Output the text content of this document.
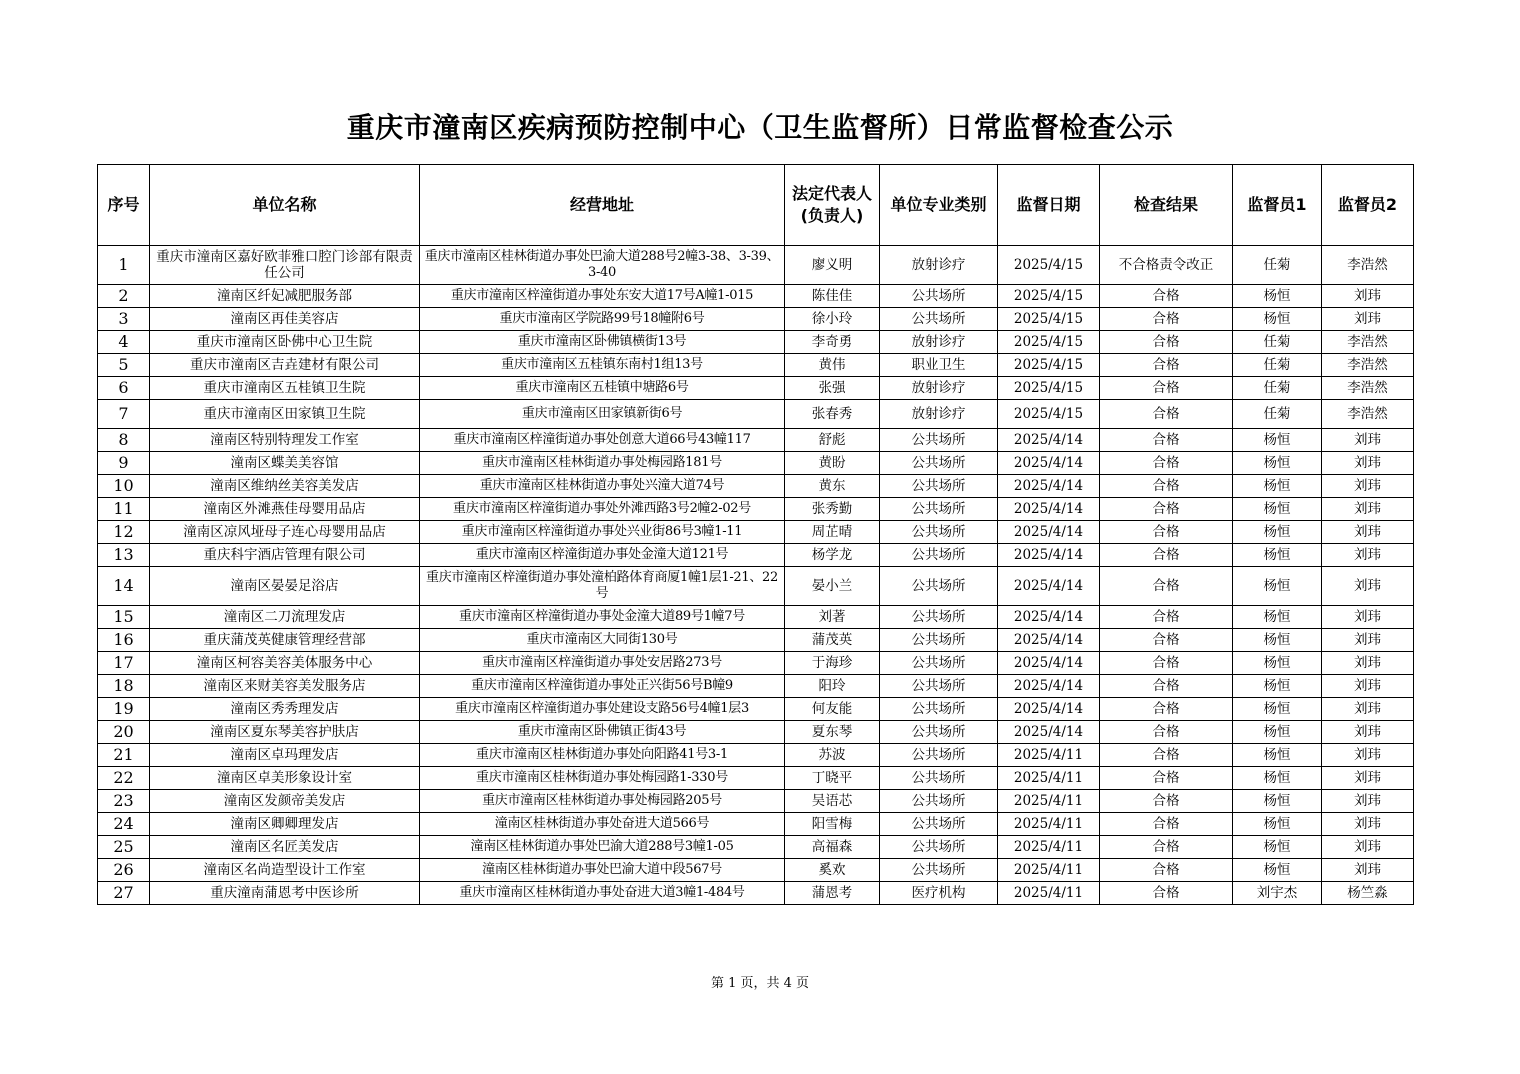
重庆市潼南区疾病预防控制中心（卫生监督所）日常监督检查公示
序号	单位名称	经营地址	法定代表人(负责人)	单位专业类别	监督日期	检查结果	监督员1	监督员2
1	重庆市潼南区嘉好欧菲雅口腔门诊部有限责任公司	重庆市潼南区桂林街道办事处巴渝大道288号2幢3-38、3-39、3-40	廖义明	放射诊疗	2025/4/15	不合格责令改正	任菊	李浩然
2	潼南区纤妃减肥服务部	重庆市潼南区梓潼街道办事处东安大道17号A幢1-015	陈佳佳	公共场所	2025/4/15	合格	杨恒	刘玮
3	潼南区再佳美容店	重庆市潼南区学院路99号18幢附6号	徐小玲	公共场所	2025/4/15	合格	杨恒	刘玮
4	重庆市潼南区卧佛中心卫生院	重庆市潼南区卧佛镇横街13号	李奇勇	放射诊疗	2025/4/15	合格	任菊	李浩然
5	重庆市潼南区吉垚建材有限公司	重庆市潼南区五桂镇东南村1组13号	黄伟	职业卫生	2025/4/15	合格	任菊	李浩然
6	重庆市潼南区五桂镇卫生院	重庆市潼南区五桂镇中塘路6号	张强	放射诊疗	2025/4/15	合格	任菊	李浩然
7	重庆市潼南区田家镇卫生院	重庆市潼南区田家镇新街6号	张春秀	放射诊疗	2025/4/15	合格	任菊	李浩然
8	潼南区特别特理发工作室	重庆市潼南区梓潼街道办事处创意大道66号43幢117	舒彪	公共场所	2025/4/14	合格	杨恒	刘玮
9	潼南区蝶美美容馆	重庆市潼南区桂林街道办事处梅园路181号	黄盼	公共场所	2025/4/14	合格	杨恒	刘玮
10	潼南区维纳丝美容美发店	重庆市潼南区桂林街道办事处兴潼大道74号	黄东	公共场所	2025/4/14	合格	杨恒	刘玮
11	潼南区外滩燕佳母婴用品店	重庆市潼南区梓潼街道办事处外滩西路3号2幢2-02号	张秀勤	公共场所	2025/4/14	合格	杨恒	刘玮
12	潼南区凉风垭母子连心母婴用品店	重庆市潼南区梓潼街道办事处兴业街86号3幢1-11	周芷晴	公共场所	2025/4/14	合格	杨恒	刘玮
13	重庆科宇酒店管理有限公司	重庆市潼南区梓潼街道办事处金潼大道121号	杨学龙	公共场所	2025/4/14	合格	杨恒	刘玮
14	潼南区晏晏足浴店	重庆市潼南区梓潼街道办事处潼柏路体育商厦1幢1层1-21、22号	晏小兰	公共场所	2025/4/14	合格	杨恒	刘玮
15	潼南区二刀流理发店	重庆市潼南区梓潼街道办事处金潼大道89号1幢7号	刘著	公共场所	2025/4/14	合格	杨恒	刘玮
16	重庆蒲茂英健康管理经营部	重庆市潼南区大同街130号	蒲茂英	公共场所	2025/4/14	合格	杨恒	刘玮
17	潼南区柯容美容美体服务中心	重庆市潼南区梓潼街道办事处安居路273号	于海珍	公共场所	2025/4/14	合格	杨恒	刘玮
18	潼南区来财美容美发服务店	重庆市潼南区梓潼街道办事处正兴街56号B幢9	阳玲	公共场所	2025/4/14	合格	杨恒	刘玮
19	潼南区秀秀理发店	重庆市潼南区梓潼街道办事处建设支路56号4幢1层3	何友能	公共场所	2025/4/14	合格	杨恒	刘玮
20	潼南区夏东琴美容护肤店	重庆市潼南区卧佛镇正街43号	夏东琴	公共场所	2025/4/14	合格	杨恒	刘玮
21	潼南区卓玛理发店	重庆市潼南区桂林街道办事处向阳路41号3-1	苏波	公共场所	2025/4/11	合格	杨恒	刘玮
22	潼南区卓美形象设计室	重庆市潼南区桂林街道办事处梅园路1-330号	丁晓平	公共场所	2025/4/11	合格	杨恒	刘玮
23	潼南区发颜帝美发店	重庆市潼南区桂林街道办事处梅园路205号	吴语芯	公共场所	2025/4/11	合格	杨恒	刘玮
24	潼南区卿卿理发店	潼南区桂林街道办事处奋进大道566号	阳雪梅	公共场所	2025/4/11	合格	杨恒	刘玮
25	潼南区名匠美发店	潼南区桂林街道办事处巴渝大道288号3幢1-05	高福森	公共场所	2025/4/11	合格	杨恒	刘玮
26	潼南区名尚造型设计工作室	潼南区桂林街道办事处巴渝大道中段567号	奚欢	公共场所	2025/4/11	合格	杨恒	刘玮
27	重庆潼南蒲恩考中医诊所	重庆市潼南区桂林街道办事处奋进大道3幢1-484号	蒲恩考	医疗机构	2025/4/11	合格	刘宇杰	杨竺淼
第 1 页，共 4 页
